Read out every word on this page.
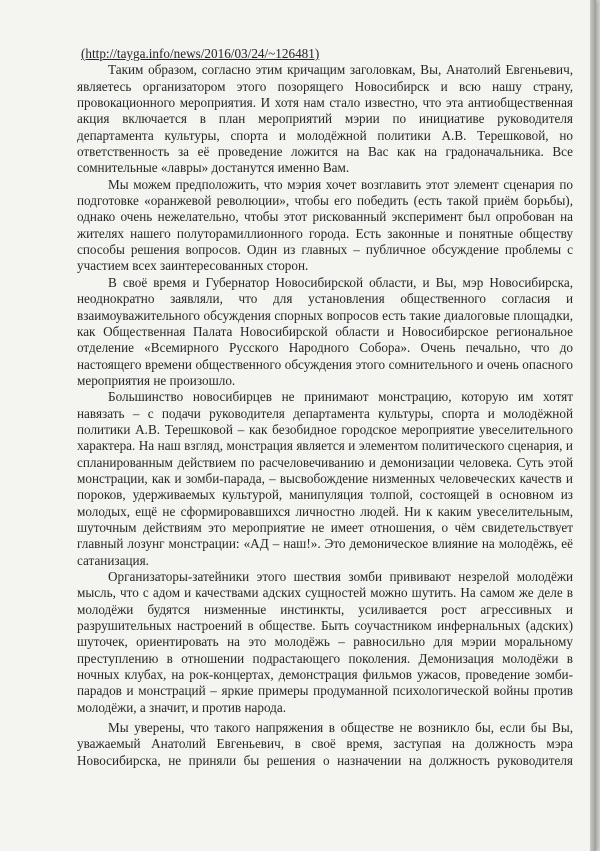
(http://tayga.info/news/2016/03/24/~126481)

Таким образом, согласно этим кричащим заголовкам, Вы, Анатолий Евгеньевич, являетесь организатором этого позорящего Новосибирск и всю нашу страну, провокационного мероприятия. И хотя нам стало известно, что эта антиобщественная акция включается в план мероприятий мэрии по инициативе руководителя департамента культуры, спорта и молодёжной политики А.В. Терешковой, но ответственность за её проведение ложится на Вас как на градоначальника. Все сомнительные «лавры» достанутся именно Вам.

Мы можем предположить, что мэрия хочет возглавить этот элемент сценария по подготовке «оранжевой революции», чтобы его победить (есть такой приём борьбы), однако очень нежелательно, чтобы этот рискованный эксперимент был опробован на жителях нашего полуторамиллионного города. Есть законные и понятные обществу способы решения вопросов. Один из главных – публичное обсуждение проблемы с участием всех заинтересованных сторон.

В своё время и Губернатор Новосибирской области, и Вы, мэр Новосибирска, неоднократно заявляли, что для установления общественного согласия и взаимоуважительного обсуждения спорных вопросов есть такие диалоговые площадки, как Общественная Палата Новосибирской области и Новосибирское региональное отделение «Всемирного Русского Народного Собора». Очень печально, что до настоящего времени общественного обсуждения этого сомнительного и очень опасного мероприятия не произошло.

Большинство новосибирцев не принимают монстрацию, которую им хотят навязать – с подачи руководителя департамента культуры, спорта и молодёжной политики А.В. Терешковой – как безобидное городское мероприятие увеселительного характера. На наш взгляд, монстрация является и элементом политического сценария, и спланированным действием по расчеловечиванию и демонизации человека. Суть этой монстрации, как и зомби-парада, – высвобождение низменных человеческих качеств и пороков, удерживаемых культурой, манипуляция толпой, состоящей в основном из молодых, ещё не сформировавшихся личностно людей. Ни к каким увеселительным, шуточным действиям это мероприятие не имеет отношения, о чём свидетельствует главный лозунг монстрации: «АД – наш!». Это демоническое влияние на молодёжь, её сатанизация.

Организаторы-затейники этого шествия зомби прививают незрелой молодёжи мысль, что с адом и качествами адских сущностей можно шутить. На самом же деле в молодёжи будятся низменные инстинкты, усиливается рост агрессивных и разрушительных настроений в обществе. Быть соучастником инфернальных (адских) шуточек, ориентировать на это молодёжь – равносильно для мэрии моральному преступлению в отношении подрастающего поколения. Демонизация молодёжи в ночных клубах, на рок-концертах, демонстрация фильмов ужасов, проведение зомби-парадов и монстраций – яркие примеры продуманной психологической войны против молодёжи, а значит, и против народа.

Мы уверены, что такого напряжения в обществе не возникло бы, если бы Вы, уважаемый Анатолий Евгеньевич, в своё время, заступая на должность мэра Новосибирска, не приняли бы решения о назначении на должность руководителя
